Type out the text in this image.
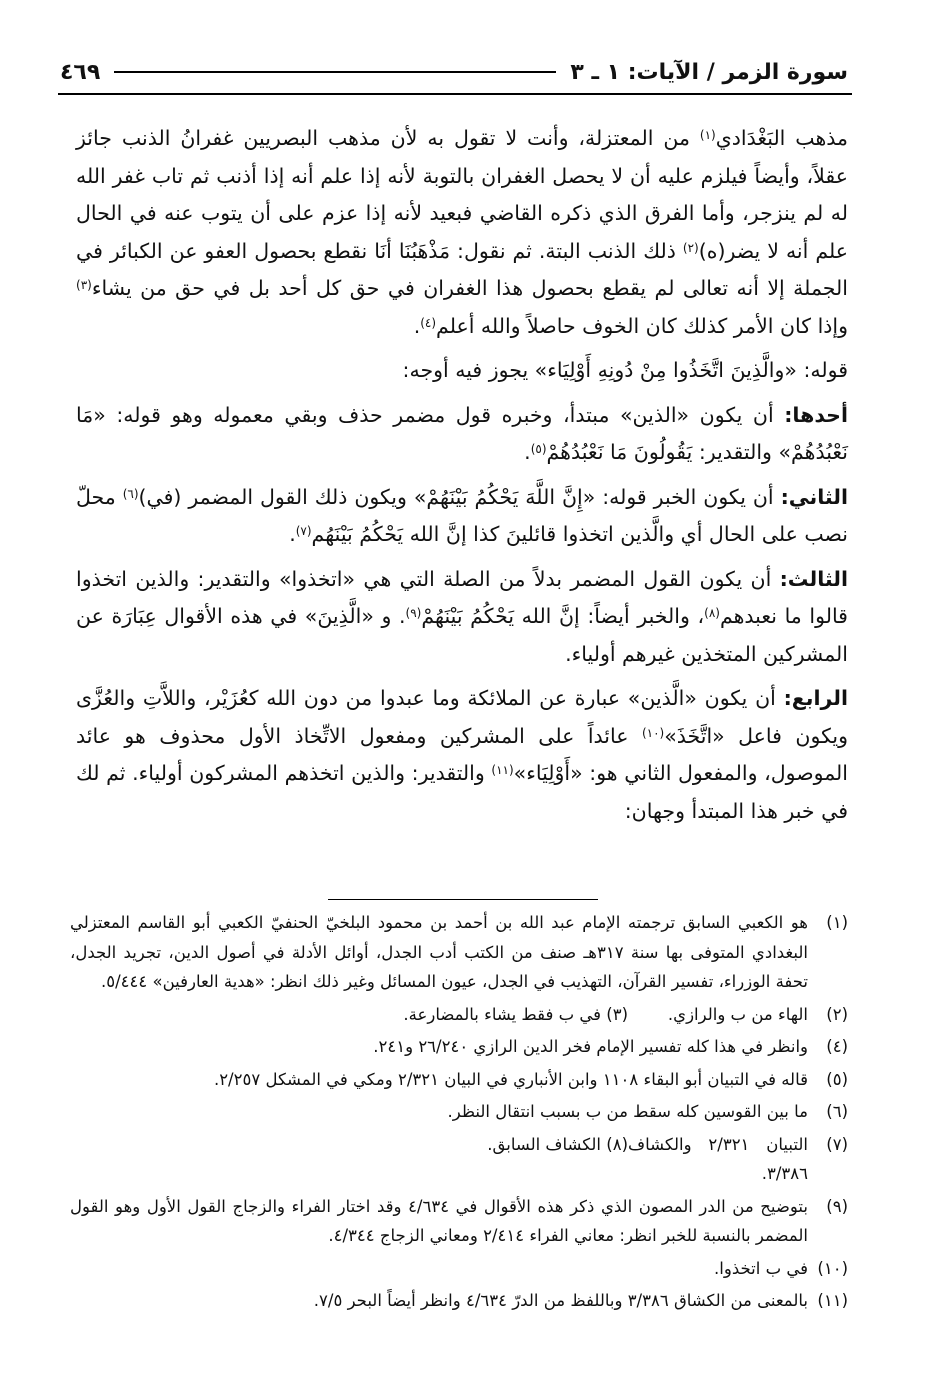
سورة الزمر / الآيات: ١ ـ ٣
٤٦٩

مذهب البَغْدَادي$^{(١)}$ من المعتزلة، وأنت لا تقول به لأن مذهب البصريين غفرانُ الذنب جائز عقلاً، وأيضاً فيلزم عليه أن لا يحصل الغفران بالتوبة لأنه إذا علم أنه إذا أذنب ثم تاب غفر الله له لم ينزجر، وأما الفرق الذي ذكره القاضي فبعيد لأنه إذا عزم على أن يتوب عنه في الحال علم أنه لا يضر(ه)$^{(٢)}$ ذلك الذنب البتة. ثم نقول: مَذْهَبُنَا أنَا نقطع بحصول العفو عن الكبائر في الجملة إلا أنه تعالى لم يقطع بحصول هذا الغفران في حق كل أحد بل في حق من يشاء$^{(٣)}$ وإذا كان الأمر كذلك كان الخوف حاصلاً والله أعلم$^{(٤)}$.

قوله: «والَّذِينَ اتَّخَذُوا مِنْ دُونِهِ أَوْلِيَاء» يجوز فيه أوجه:

أحدها: أن يكون «الذين» مبتدأ، وخبره قول مضمر حذف وبقي معموله وهو قوله: «مَا نَعْبُدُهُمْ» والتقدير: يَقُولُونَ مَا نَعْبُدُهُمْ$^{(٥)}$.

الثاني: أن يكون الخبر قوله: «إِنَّ اللَّهَ يَحْكُمُ بَيْنَهُمْ» ويكون ذلك القول المضمر (في)$^{(٦)}$ محلّ نصب على الحال أي والَّذين اتخذوا قائلينَ كذا إنَّ الله يَحْكُمُ بَيْنَهُم$^{(٧)}$.

الثالث: أن يكون القول المضمر بدلاً من الصلة التي هي «اتخذوا» والتقدير: والذين اتخذوا قالوا ما نعبدهم$^{(٨)}$، والخبر أيضاً: إنَّ الله يَحْكُمُ بَيْنَهُمْ$^{(٩)}$. و «الَّذِينَ» في هذه الأقوال عِبَارَة عن المشركين المتخذين غيرهم أولياء.

الرابع: أن يكون «الَّذين» عبارة عن الملائكة وما عبدوا من دون الله كعُزَيْر، واللاَّتِ والعُزَّى ويكون فاعل «اتَّخَذَ»$^{(١٠)}$ عائداً على المشركين ومفعول الاتِّخاذ الأول محذوف هو عائد الموصول، والمفعول الثاني هو: «أَوْلِيَاء»$^{(١١)}$ والتقدير: والذين اتخذهم المشركون أولياء. ثم لك في خبر هذا المبتدأ وجهان:

(١)
هو الكعبي السابق ترجمته الإمام عبد الله بن أحمد بن محمود البلخيّ الحنفيّ الكعبي أبو القاسم المعتزلي البغدادي المتوفى بها سنة ٣١٧هـ صنف من الكتب أدب الجدل، أوائل الأدلة في أصول الدين، تجريد الجدل، تحفة الوزراء، تفسير القرآن، التهذيب في الجدل، عيون المسائل وغير ذلك انظر: «هدية العارفين» ٥/٤٤٤.
(٢)
الهاء من ب والرازي.
(٣)

في ب فقط يشاء بالمضارعة.
(٤)
وانظر في هذا كله تفسير الإمام فخر الدين الرازي ٢٦/٢٤٠ و٢٤١.
(٥)
قاله في التبيان أبو البقاء ١١٠٨ وابن الأنباري في البيان ٢/٣٢١ ومكي في المشكل ٢/٢٥٧.
(٦)
ما بين القوسين كله سقط من ب بسبب انتقال النظر.
(٧)
التبيان ٢/٣٢١ والكشاف ٣/٣٨٦.
(٨)

الكشاف السابق.
(٩)
بتوضيح من الدر المصون الذي ذكر هذه الأقوال في ٤/٦٣٤ وقد اختار الفراء والزجاج القول الأول وهو القول المضمر بالنسبة للخبر انظر: معاني الفراء ٢/٤١٤ ومعاني الزجاج ٤/٣٤٤.
(١٠)
في ب اتخذوا.
(١١)
بالمعنى من الكشاق ٣/٣٨٦ وباللفظ من الدرّ ٤/٦٣٤ وانظر أيضاً البحر ٧/٥.
